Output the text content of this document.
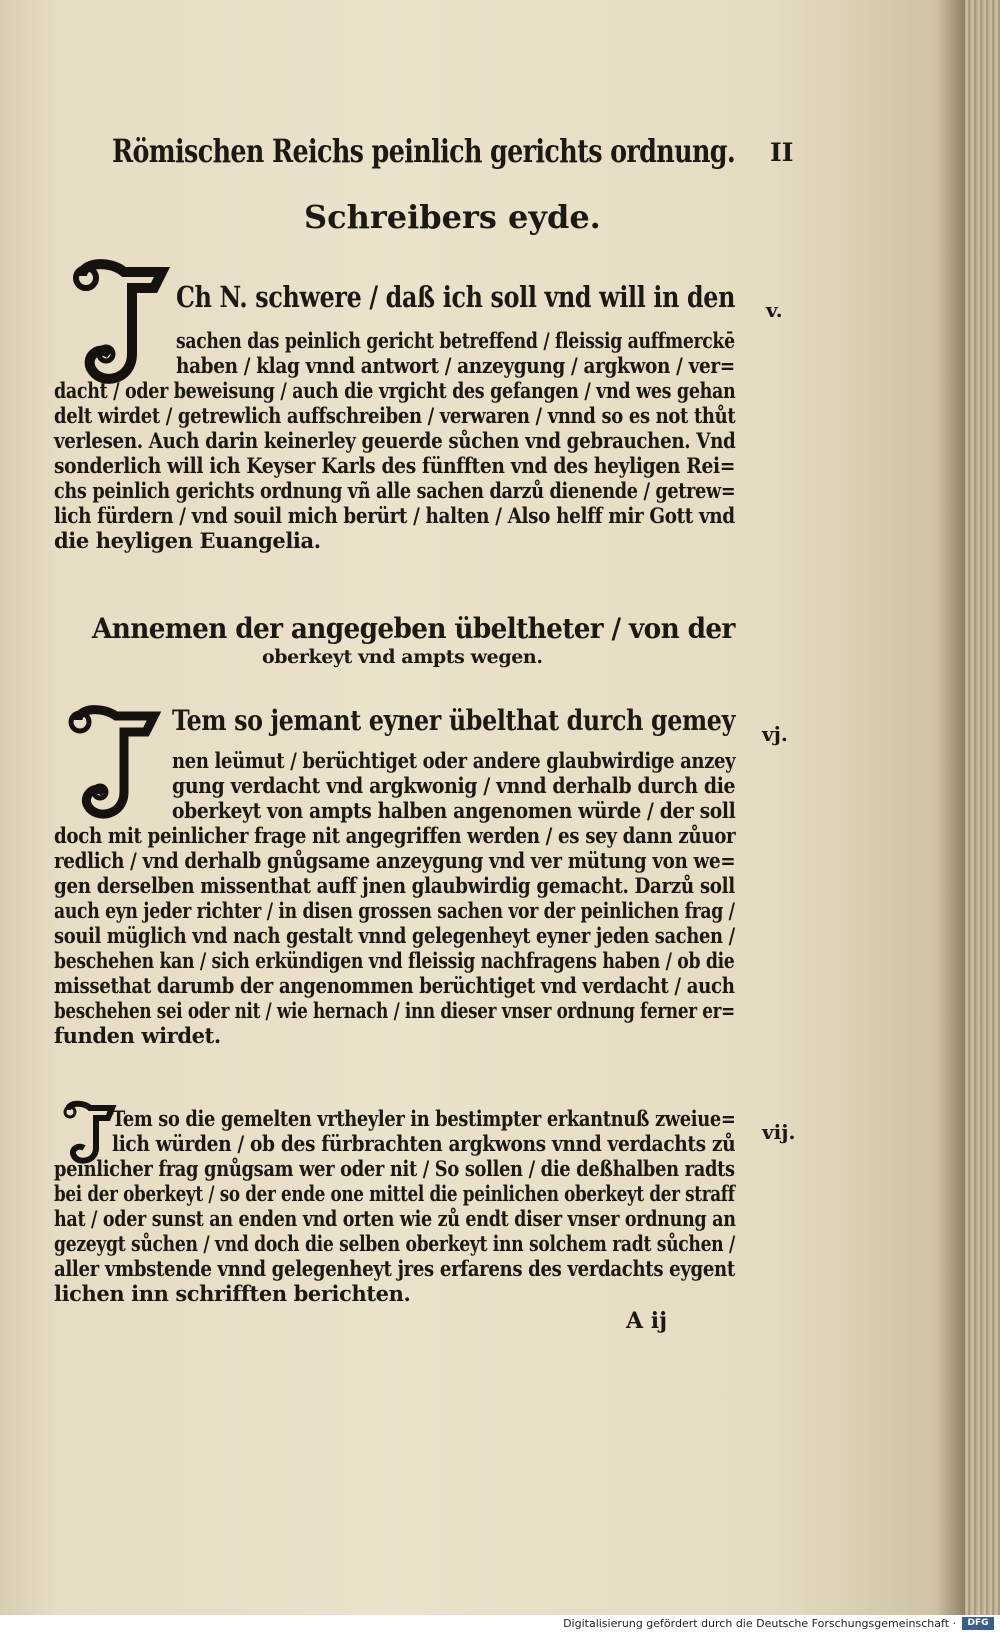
Römischen Reichs peinlich gerichts ordnung. II
Schreibers eyde.
v.
Ch N. schwere / daß ich soll vnd will in den
sachen das peinlich gericht betreffend / fleissig auffmerckē
haben / klag vnnd antwort / anzeygung / argkwon / ver=
dacht / oder beweisung / auch die vrgicht des gefangen / vnd wes gehan
delt wirdet / getrewlich auffschreiben / verwaren / vnnd so es not thůt
verlesen. Auch darin keinerley geuerde sůchen vnd gebrauchen. Vnd
sonderlich will ich Keyser Karls des fünfften vnd des heyligen Rei=
chs peinlich gerichts ordnung vñ alle sachen darzů dienende / getrew=
lich fürdern / vnd souil mich berürt / halten / Also helff mir Gott vnd
die heyligen Euangelia.
Annemen der angegeben übeltheter / von der
oberkeyt vnd ampts wegen.
vj.
Tem so jemant eyner übelthat durch gemey
nen leümut / berüchtiget oder andere glaubwirdige anzey
gung verdacht vnd argkwonig / vnnd derhalb durch die
oberkeyt von ampts halben angenomen würde / der soll
doch mit peinlicher frage nit angegriffen werden / es sey dann zůuor
redlich / vnd derhalb gnůgsame anzeygung vnd ver mütung von we=
gen derselben missenthat auff jnen glaubwirdig gemacht. Darzů soll
auch eyn jeder richter / in disen grossen sachen vor der peinlichen frag /
souil müglich vnd nach gestalt vnnd gelegenheyt eyner jeden sachen /
beschehen kan / sich erkündigen vnd fleissig nachfragens haben / ob die
missethat darumb der angenommen berüchtiget vnd verdacht / auch
beschehen sei oder nit / wie hernach / inn dieser vnser ordnung ferner er=
funden wirdet.
vij.
Tem so die gemelten vrtheyler in bestimpter erkantnuß zweiue=
lich würden / ob des fürbrachten argkwons vnnd verdachts zů
peinlicher frag gnůgsam wer oder nit / So sollen / die deßhalben radts
bei der oberkeyt / so der ende one mittel die peinlichen oberkeyt der straff
hat / oder sunst an enden vnd orten wie zů endt diser vnser ordnung an
gezeygt sůchen / vnd doch die selben oberkeyt inn solchem radt sůchen /
aller vmbstende vnnd gelegenheyt jres erfarens des verdachts eygent
lichen inn schrifften berichten.
A ij
Digitalisierung gefördert durch die Deutsche Forschungsgemeinschaft ·	DFG
